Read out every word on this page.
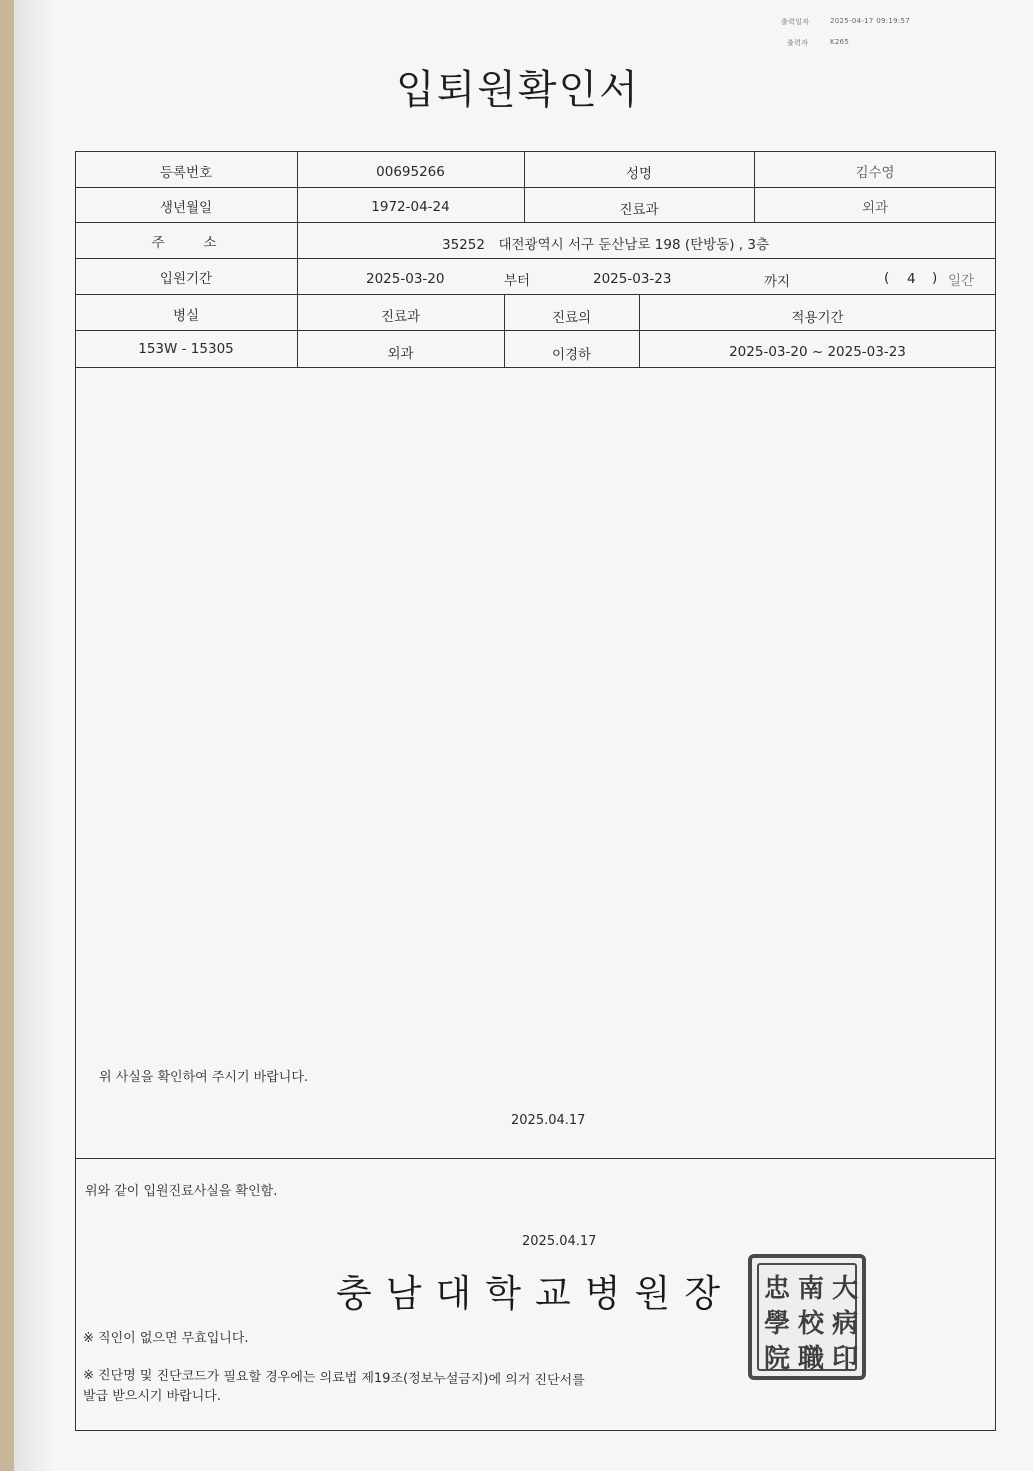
출력일자	2025-04-17 09:19:57
출력자	K265
입퇴원확인서
등록번호	00695266	성명	김수영
생년월일	1972-04-24	진료과	외과
주　　소	35252　대전광역시 서구 둔산남로 198 (탄방동) , 3층
입원기간	2025-03-20	부터	2025-03-23	까지	( 4 ) 일간
병실	진료과	진료의	적용기간
153W - 15305	외과	이경하	2025-03-20 ~ 2025-03-23
위 사실을 확인하여 주시기 바랍니다.
2025.04.17
위와 같이 입원진료사실을 확인함.
2025.04.17
충남대학교병원장 忠 南 大
學 校 病
院 職 印
※ 직인이 없으면 무효입니다.
※ 진단명 및 진단코드가 필요할 경우에는 의료법 제19조(정보누설금지)에 의거 진단서를
발급 받으시기 바랍니다.
